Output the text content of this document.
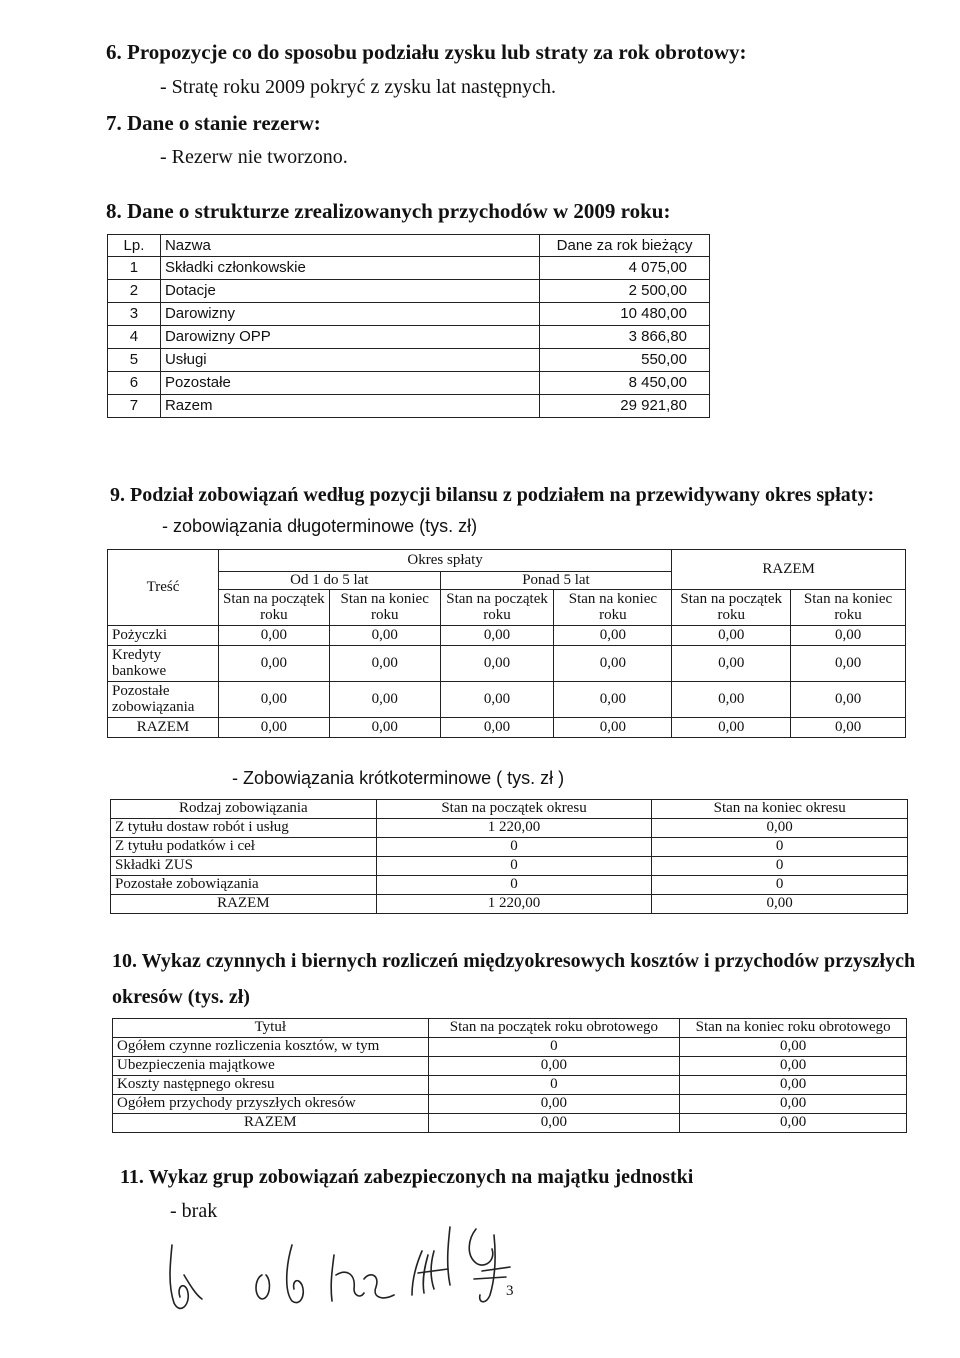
6. Propozycje co do sposobu podziału zysku lub straty za rok obrotowy:
- Stratę roku 2009 pokryć z zysku lat następnych.
7. Dane o stanie rezerw:
- Rezerw nie tworzono.
8. Dane o strukturze zrealizowanych przychodów w 2009 roku:
Lp.	Nazwa	Dane za rok bieżący
1	Składki członkowskie	4 075,00
2	Dotacje	2 500,00
3	Darowizny	10 480,00
4	Darowizny OPP	3 866,80
5	Usługi	550,00
6	Pozostałe	8 450,00
7	Razem	29 921,80
9. Podział zobowiązań według pozycji bilansu z podziałem na przewidywany okres spłaty:
- zobowiązania długoterminowe (tys. zł)
Treść	Okres spłaty				RAZEM	
	Od 1 do 5 lat		Ponad 5 lat			
	Stan na początek roku	Stan na koniec roku	Stan na początek roku	Stan na koniec roku	Stan na początek roku	Stan na koniec roku
Pożyczki	0,00	0,00	0,00	0,00	0,00	0,00
Kredyty bankowe	0,00	0,00	0,00	0,00	0,00	0,00
Pozostałe zobowiązania	0,00	0,00	0,00	0,00	0,00	0,00
RAZEM	0,00	0,00	0,00	0,00	0,00	0,00
- Zobowiązania krótkoterminowe ( tys. zł )
Rodzaj zobowiązania	Stan na początek okresu	Stan na koniec okresu
Z tytułu dostaw robót i usług	1 220,00	0,00
Z tytułu podatków i ceł	0	0
Składki ZUS	0	0
Pozostałe zobowiązania	0	0
RAZEM	1 220,00	0,00
10. Wykaz czynnych i biernych rozliczeń międzyokresowych kosztów i przychodów przyszłych
okresów (tys. zł)
Tytuł	Stan na początek roku obrotowego	Stan na koniec roku obrotowego
Ogółem czynne rozliczenia kosztów, w tym	0	0,00
Ubezpieczenia majątkowe	0,00	0,00
Koszty następnego okresu	0	0,00
Ogółem przychody przyszłych okresów	0,00	0,00
RAZEM	0,00	0,00
11. Wykaz grup zobowiązań zabezpieczonych na majątku jednostki
- brak
3
